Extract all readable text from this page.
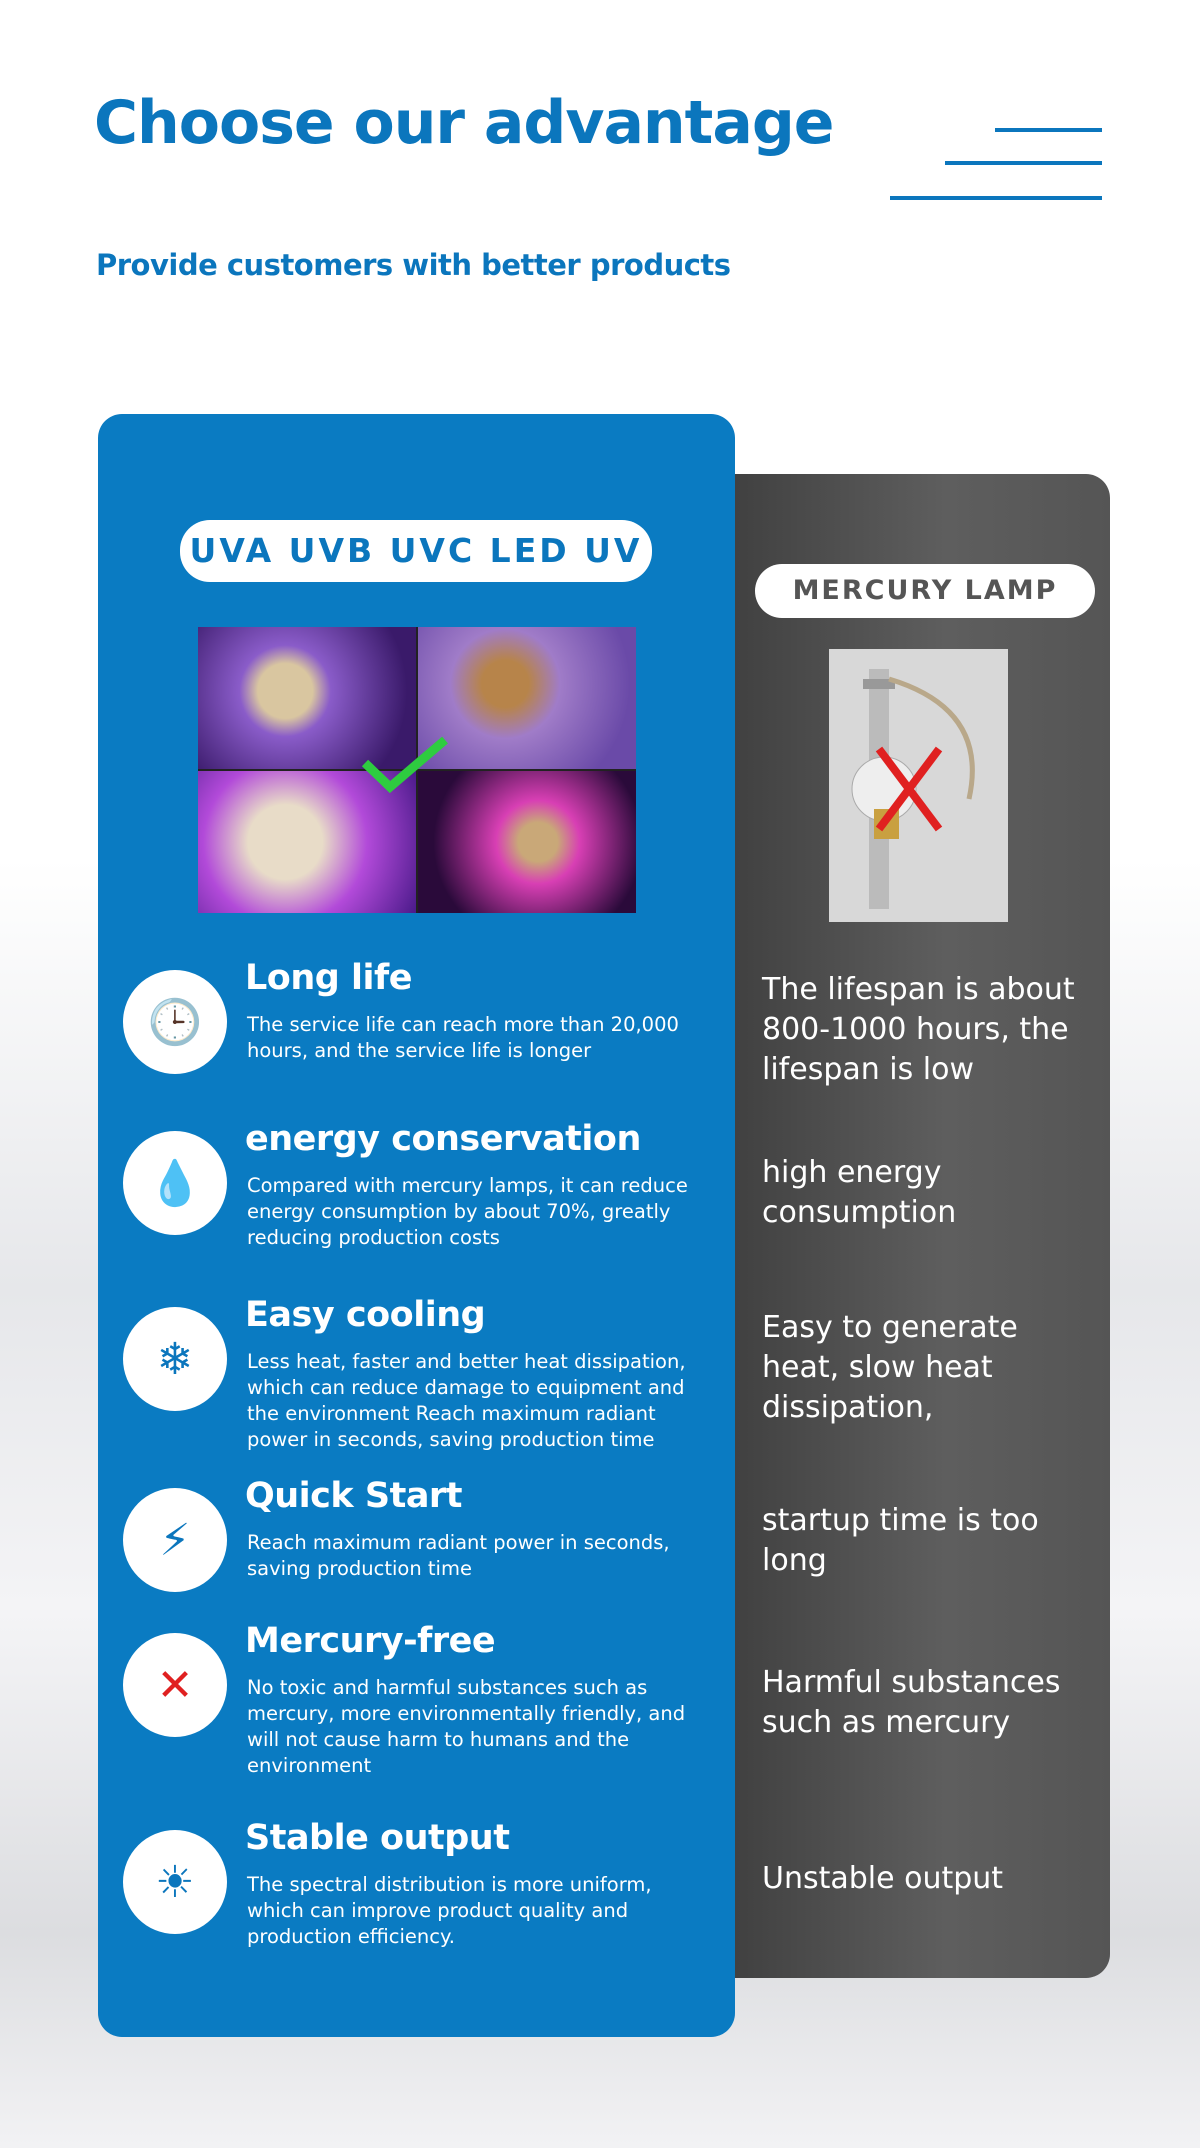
Choose our advantage
Provide customers with better products
UVA UVB UVC LED UV
MERCURY LAMP
🕒
Long life
The service life can reach more than 20,000 hours, and the service life is longer
The lifespan is about 800-1000 hours, the lifespan is low
💧
energy conservation
Compared with mercury lamps, it can reduce energy consumption by about 70%, greatly reducing production costs
high energy consumption
❄
Easy cooling
Less heat, faster and better heat dissipation, which can reduce damage to equipment and the environment Reach maximum radiant power in seconds, saving production time
Easy to generate heat, slow heat dissipation,
⚡
Quick Start
Reach maximum radiant power in seconds, saving production time
startup time is too long
✕
Mercury-free
No toxic and harmful substances such as mercury, more environmentally friendly, and will not cause harm to humans and the environment
Harmful substances such as mercury
☀
Stable output
The spectral distribution is more uniform, which can improve product quality and production efficiency.
Unstable output
